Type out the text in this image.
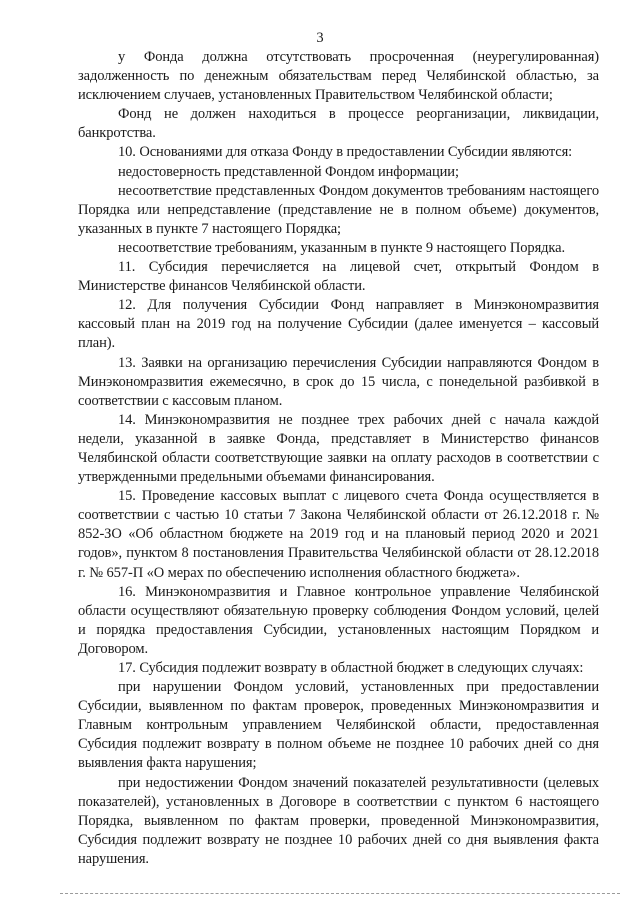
3

у Фонда должна отсутствовать просроченная (неурегулированная) задолженность по денежным обязательствам перед Челябинской областью, за исключением случаев, установленных Правительством Челябинской области;

Фонд не должен находиться в процессе реорганизации, ликвидации, банкротства.

10. Основаниями для отказа Фонду в предоставлении Субсидии являются:

недостоверность представленной Фондом информации;

несоответствие представленных Фондом документов требованиям настоящего Порядка или непредставление (представление не в полном объеме) документов, указанных в пункте 7 настоящего Порядка;

несоответствие требованиям, указанным в пункте 9 настоящего Порядка.

11. Субсидия перечисляется на лицевой счет, открытый Фондом в Министерстве финансов Челябинской области.

12. Для получения Субсидии Фонд направляет в Минэкономразвития кассовый план на 2019 год на получение Субсидии (далее именуется – кассовый план).

13. Заявки на организацию перечисления Субсидии направляются Фондом в Минэкономразвития ежемесячно, в срок до 15 числа, с понедельной разбивкой в соответствии с кассовым планом.

14. Минэкономразвития не позднее трех рабочих дней с начала каждой недели, указанной в заявке Фонда, представляет в Министерство финансов Челябинской области соответствующие заявки на оплату расходов в соответствии с утвержденными предельными объемами финансирования.

15. Проведение кассовых выплат с лицевого счета Фонда осуществляется в соответствии с частью 10 статьи 7 Закона Челябинской области от 26.12.2018 г. № 852-ЗО «Об областном бюджете на 2019 год и на плановый период 2020 и 2021 годов», пунктом 8 постановления Правительства Челябинской области от 28.12.2018 г. № 657-П «О мерах по обеспечению исполнения областного бюджета».

16. Минэкономразвития и Главное контрольное управление Челябинской области осуществляют обязательную проверку соблюдения Фондом условий, целей и порядка предоставления Субсидии, установленных настоящим Порядком и Договором.

17. Субсидия подлежит возврату в областной бюджет в следующих случаях:

при нарушении Фондом условий, установленных при предоставлении Субсидии, выявленном по фактам проверок, проведенных Минэкономразвития и Главным контрольным управлением Челябинской области, предоставленная Субсидия подлежит возврату в полном объеме не позднее 10 рабочих дней со дня выявления факта нарушения;

при недостижении Фондом значений показателей результативности (целевых показателей), установленных в Договоре в соответствии с пунктом 6 настоящего Порядка, выявленном по фактам проверки, проведенной Минэкономразвития, Субсидия подлежит возврату не позднее 10 рабочих дней со дня выявления факта нарушения.
